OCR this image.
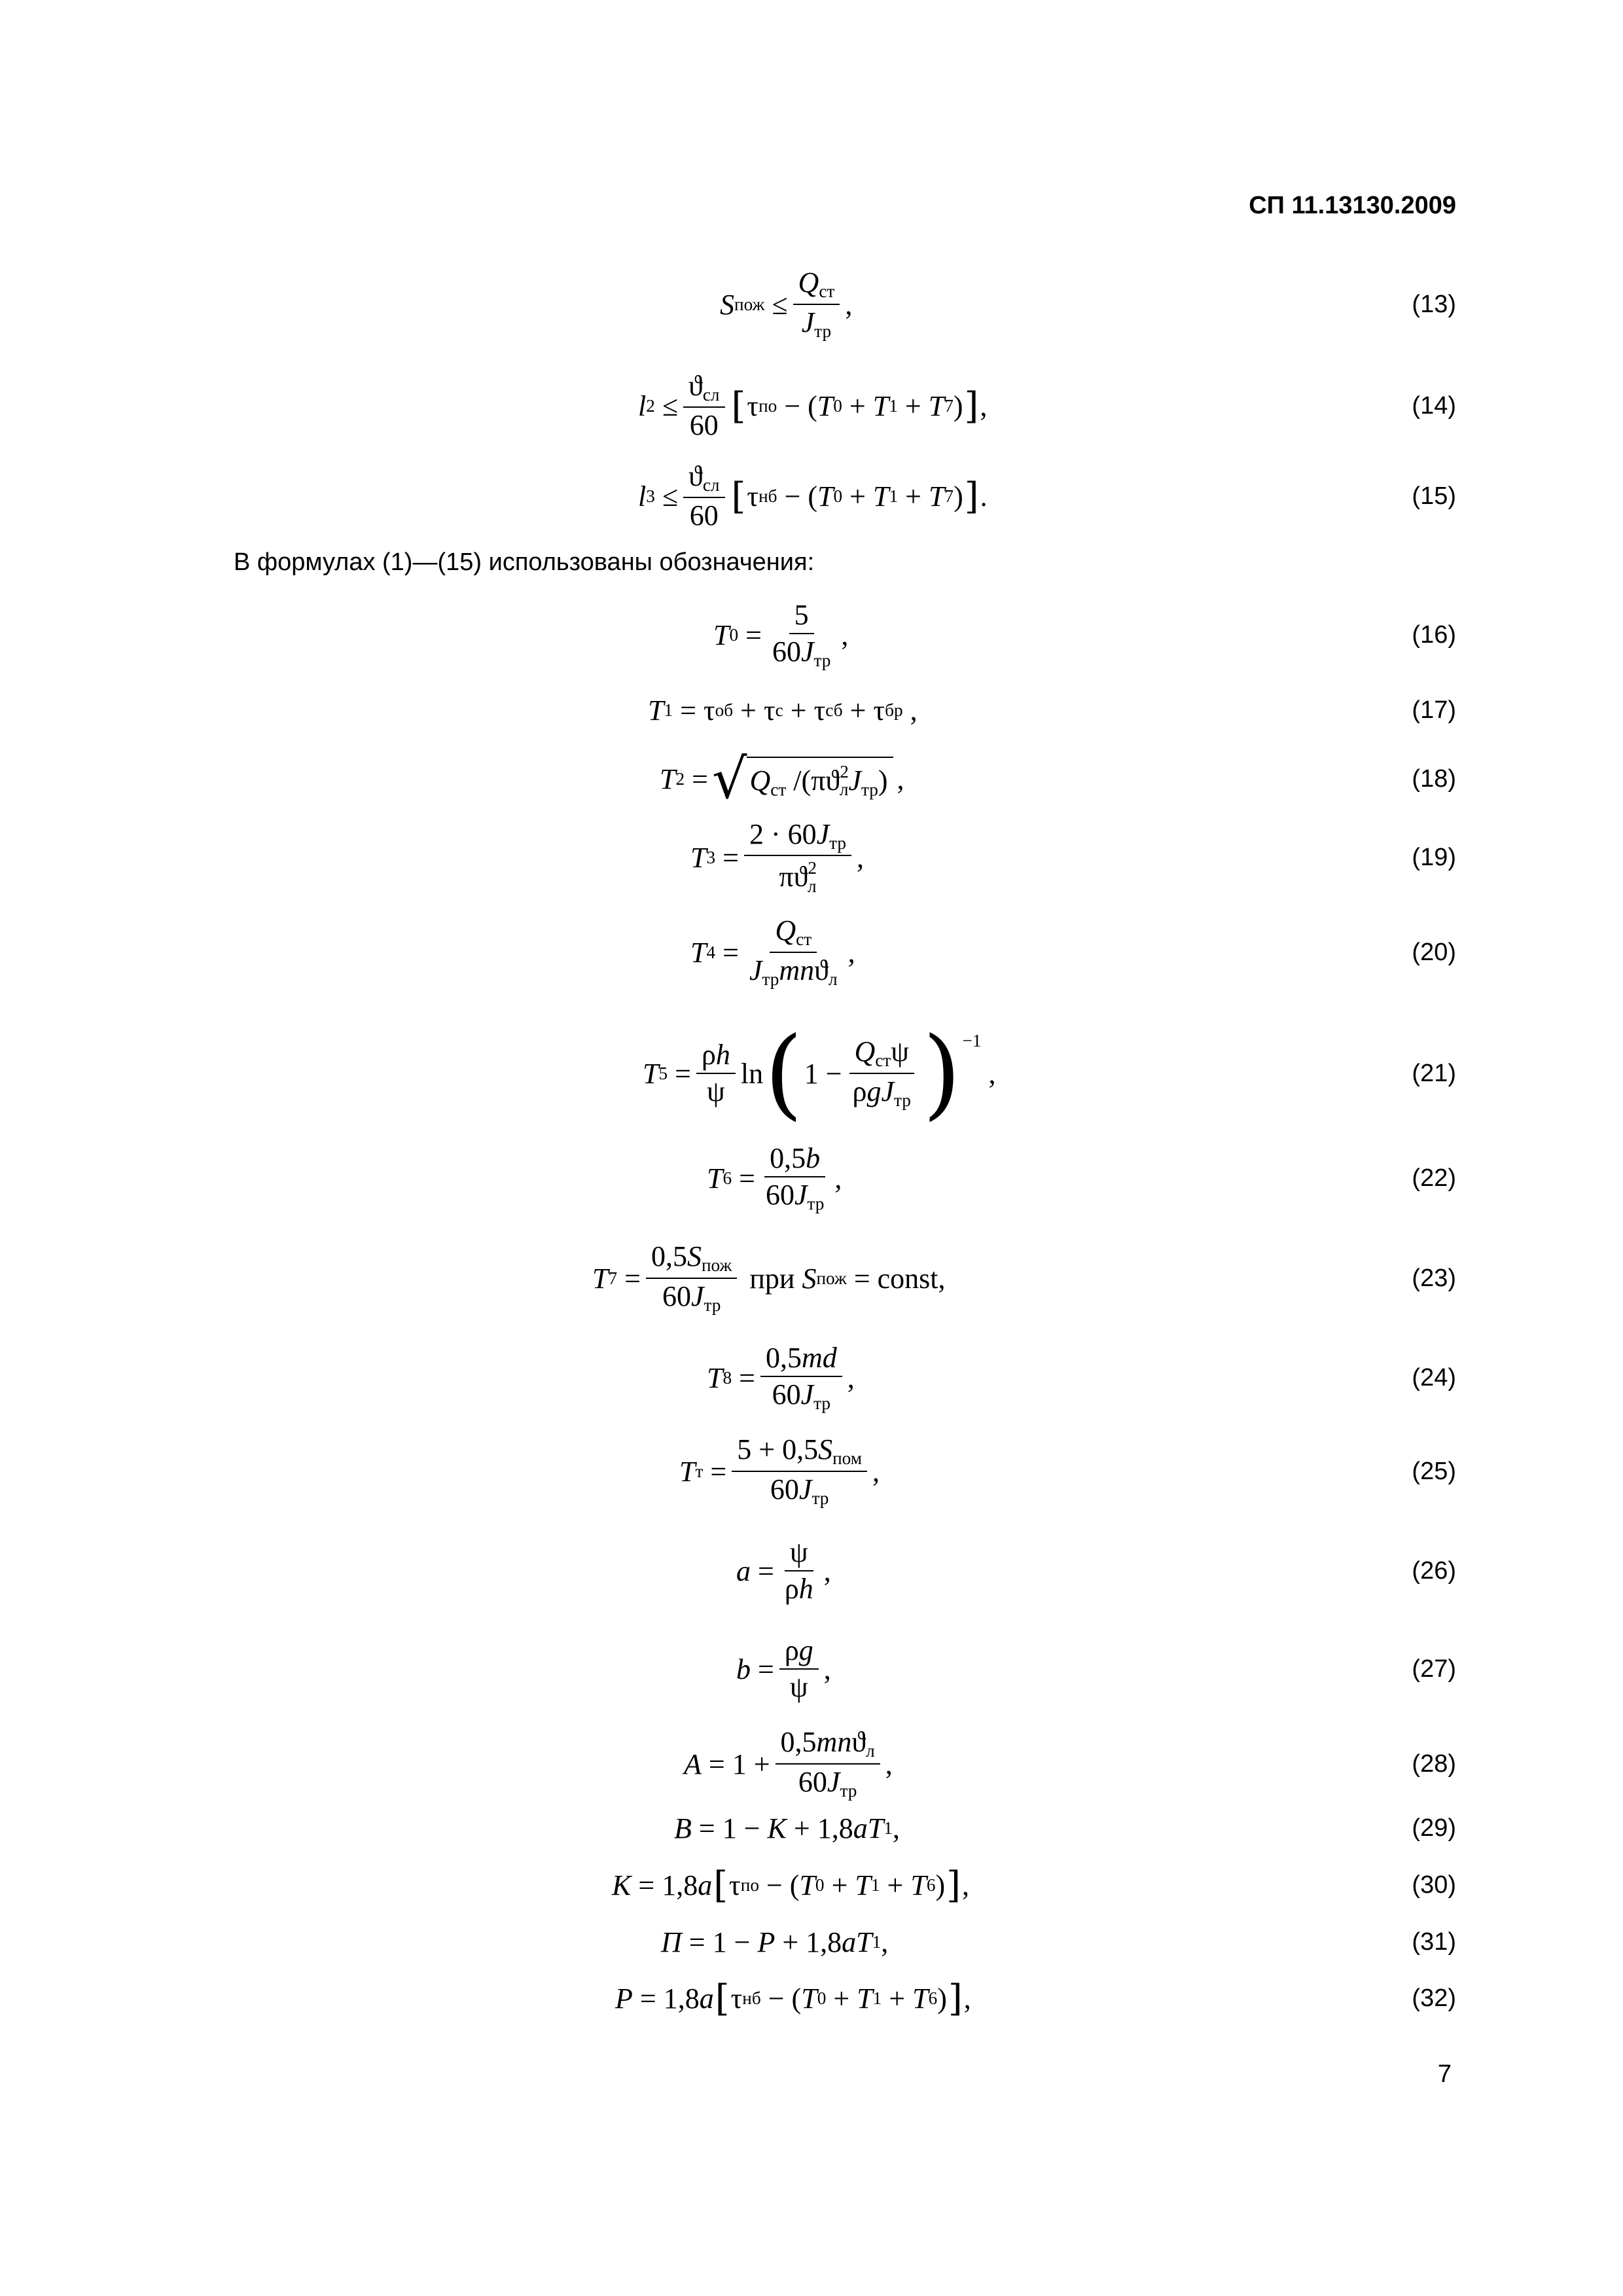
СП 11.13130.2009
S пож ≤ $\frac{Q_{ст}}{J_{тр}}$ ,	(13)
l $2 \le \frac{ϑ_{сл}}{60}$ [ τ по − ( T 0 + T 1 + T 7 ) ] ,	(14)
l $3 \le \frac{ϑ_{сл}}{60}$ [ τ нб − ( T 0 + T 1 + T 7 ) ] .	(15)
В формулах (1)—(15) использованы обозначения:
T $0 = \frac{5}{60J_{тр}}$ ,	(16)
T 1 = τ об + τ с + τ сб + τ бр
,	(17)
T 2 = √ $Q_{ст}$ $/(\pi ϑ^2_лJ_{тр})$ ,	(18)
T $3 = \frac{2 \cdot 60J_{тр}}{\pi ϑ^2_л}$ ,	(19)
T $4 = \frac{Q_{ст}}{J_{тр}mnϑ_л}$ ,	(20)
T $5 = \frac{\rho h}{\psi}$ ln ( $1 - \frac{Q_{ст}\psi}{\rho gJ_{тр}} )^{-1}$

,	(21)
T $6 = \frac{0,5b}{60J_{тр}}$ ,	(22)
T $7 = \frac{0,5S_{пож}}{60J_{тр}}$
при
S пож = const ,	(23)
T $8 = \frac{0,5md}{60J_{тр}}$ ,	(24)
T $т = \frac{5 + 0,5S_{пом}}{60J_{тр}}$ ,	(25)
$a = \frac{\psi}{\rho h}$ ,	(26)
$b = \frac{\rho g}{\psi}$ ,	(27)
$A = 1 + \frac{0,5mnϑ_л}{60J_{тр}}$ ,	(28)
B = 1 − K + 1,8 a T 1 ,	(29)
K = 1,8 a [ τ по − ( T 0 + T 1 + T 6 ) ] ,	(30)
П = 1 − P + 1,8 a T 1 ,	(31)
P = 1,8 a [ τ нб − ( T 0 + T 1 + T 6 ) ] ,	(32)
7
